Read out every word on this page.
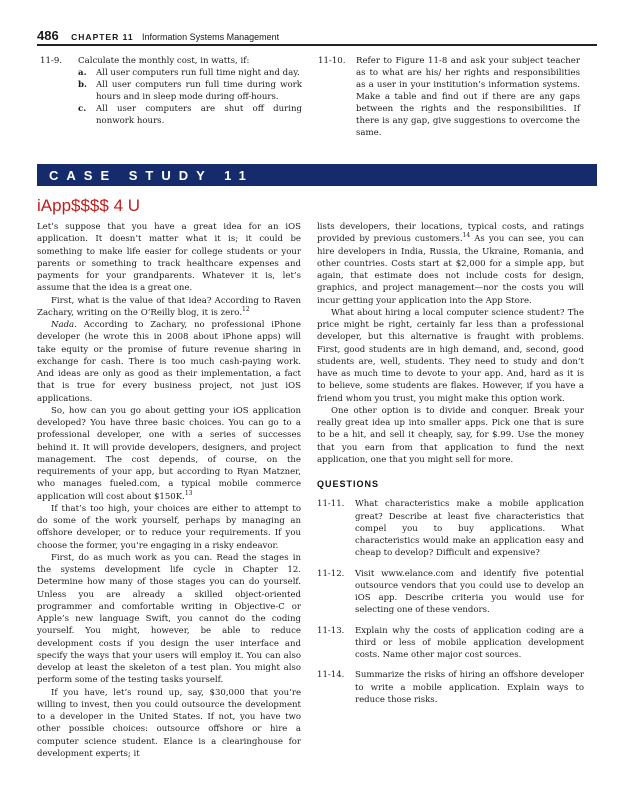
486 CHAPTER 11 Information Systems Management
11-9.	Calculate the monthly cost, in watts, if:
a.	All user computers run full time night and day.
b.	All user computers run full time during work hours and in sleep mode during off-hours.
c.	All user computers are shut off during nonwork hours.
11-10.	Refer to Figure 11-8 and ask your subject teacher as to what are his/ her rights and responsibilities as a user in your institution’s information systems. Make a table and find out if there are any gaps between the rights and the responsibilities. If there is any gap, give suggestions to overcome the same.
CASE STUDY 11
iApp$$$$ 4 U

Let’s suppose that you have a great idea for an iOS application. It doesn’t matter what it is; it could be something to make life easier for college students or your parents or something to track healthcare expenses and payments for your grandparents. Whatever it is, let’s assume that the idea is a great one.

First, what is the value of that idea? According to Raven Zachary, writing on the O’Reilly blog, it is zero.$^{12}$

Nada. According to Zachary, no professional iPhone developer (he wrote this in 2008 about iPhone apps) will take equity or the promise of future revenue sharing in exchange for cash. There is too much cash-paying work. And ideas are only as good as their implementation, a fact that is true for every business project, not just iOS applications.

So, how can you go about getting your iOS application developed? You have three basic choices. You can go to a professional developer, one with a series of successes behind it. It will provide developers, designers, and project management. The cost depends, of course, on the requirements of your app, but according to Ryan Matzner, who manages fueled.com, a typical mobile commerce application will cost about $150K.$^{13}$

If that’s too high, your choices are either to attempt to do some of the work yourself, perhaps by managing an offshore developer, or to reduce your requirements. If you choose the former, you’re engaging in a risky endeavor.

First, do as much work as you can. Read the stages in the systems development life cycle in Chapter 12. Determine how many of those stages you can do yourself. Unless you are already a skilled object-oriented programmer and comfortable writing in Objective-C or Apple’s new language Swift, you cannot do the coding yourself. You might, however, be able to reduce development costs if you design the user interface and specify the ways that your users will employ it. You can also develop at least the skeleton of a test plan. You might also perform some of the testing tasks yourself.

If you have, let’s round up, say, $30,000 that you’re willing to invest, then you could outsource the development to a developer in the United States. If not, you have two other possible choices: outsource offshore or hire a computer science student. Elance is a clearinghouse for development experts; it

lists developers, their locations, typical costs, and ratings provided by previous customers.$^{14}$ As you can see, you can hire developers in India, Russia, the Ukraine, Romania, and other countries. Costs start at $2,000 for a simple app, but again, that estimate does not include costs for design, graphics, and project management—nor the costs you will incur getting your application into the App Store.

What about hiring a local computer science student? The price might be right, certainly far less than a professional developer, but this alternative is fraught with problems. First, good students are in high demand, and, second, good students are, well, students. They need to study and don’t have as much time to devote to your app. And, hard as it is to believe, some students are flakes. However, if you have a friend whom you trust, you might make this option work.

One other option is to divide and conquer. Break your really great idea up into smaller apps. Pick one that is sure to be a hit, and sell it cheaply, say, for $.99. Use the money that you earn from that application to fund the next application, one that you might sell for more.

QUESTIONS
11-11.	What characteristics make a mobile application great? Describe at least five characteristics that compel you to buy applications. What characteristics would make an application easy and cheap to develop? Difficult and expensive?
11-12.	Visit www.elance.com and identify five potential outsource vendors that you could use to develop an iOS app. Describe criteria you would use for selecting one of these vendors.
11-13.	Explain why the costs of application coding are a third or less of mobile application development costs. Name other major cost sources.
11-14.	Summarize the risks of hiring an offshore developer to write a mobile application. Explain ways to reduce those risks.
